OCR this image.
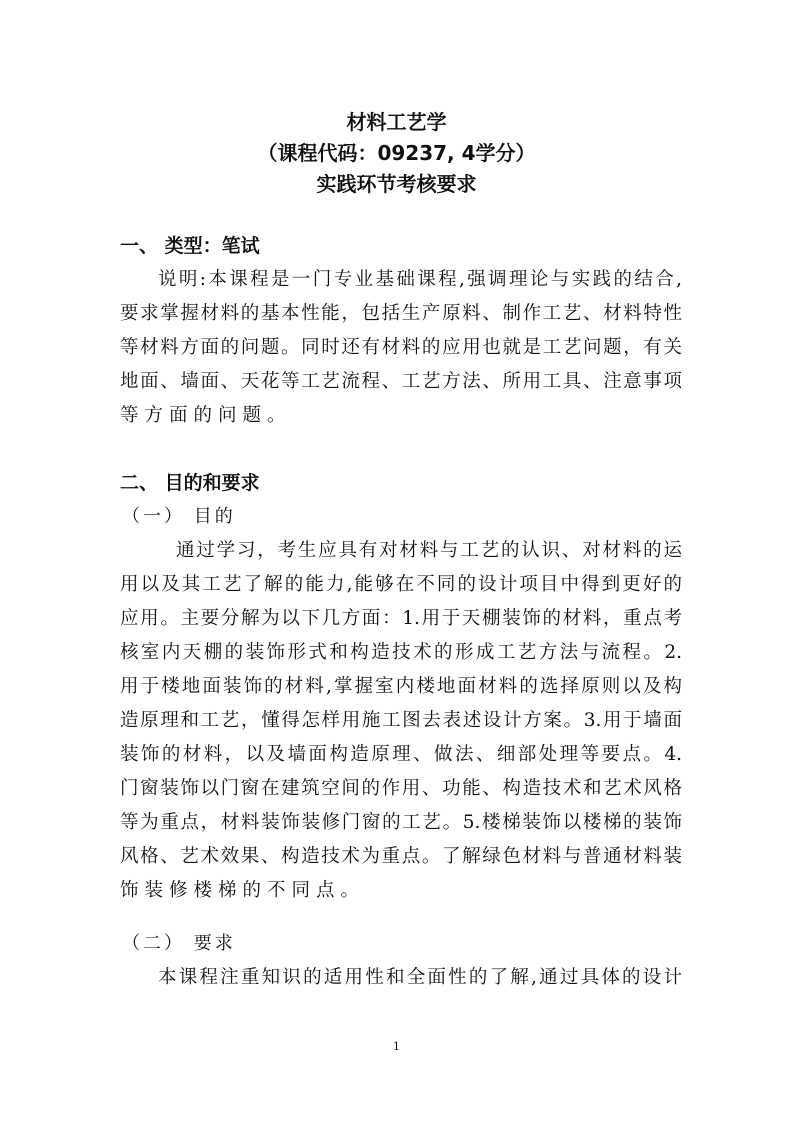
材料工艺学
（课程代码：09237, 4学分）
实践环节考核要求
一、 类型：笔试
说明:本课程是一门专业基础课程,强调理论与实践的结合,
要求掌握材料的基本性能，包括生产原料、制作工艺、材料特性
等材料方面的问题。同时还有材料的应用也就是工艺问题，有关
地面、墙面、天花等工艺流程、工艺方法、所用工具、注意事项
等方面的问题。
二、 目的和要求
（一） 目的
通过学习，考生应具有对材料与工艺的认识、对材料的运
用以及其工艺了解的能力,能够在不同的设计项目中得到更好的
应用。主要分解为以下几方面：1.用于天棚装饰的材料，重点考
核室内天棚的装饰形式和构造技术的形成工艺方法与流程。2.
用于楼地面装饰的材料,掌握室内楼地面材料的选择原则以及构
造原理和工艺，懂得怎样用施工图去表述设计方案。3.用于墙面
装饰的材料，以及墙面构造原理、做法、细部处理等要点。4.
门窗装饰以门窗在建筑空间的作用、功能、构造技术和艺术风格
等为重点，材料装饰装修门窗的工艺。5.楼梯装饰以楼梯的装饰
风格、艺术效果、构造技术为重点。了解绿色材料与普通材料装
饰装修楼梯的不同点。
（二） 要求
本课程注重知识的适用性和全面性的了解,通过具体的设计
1
